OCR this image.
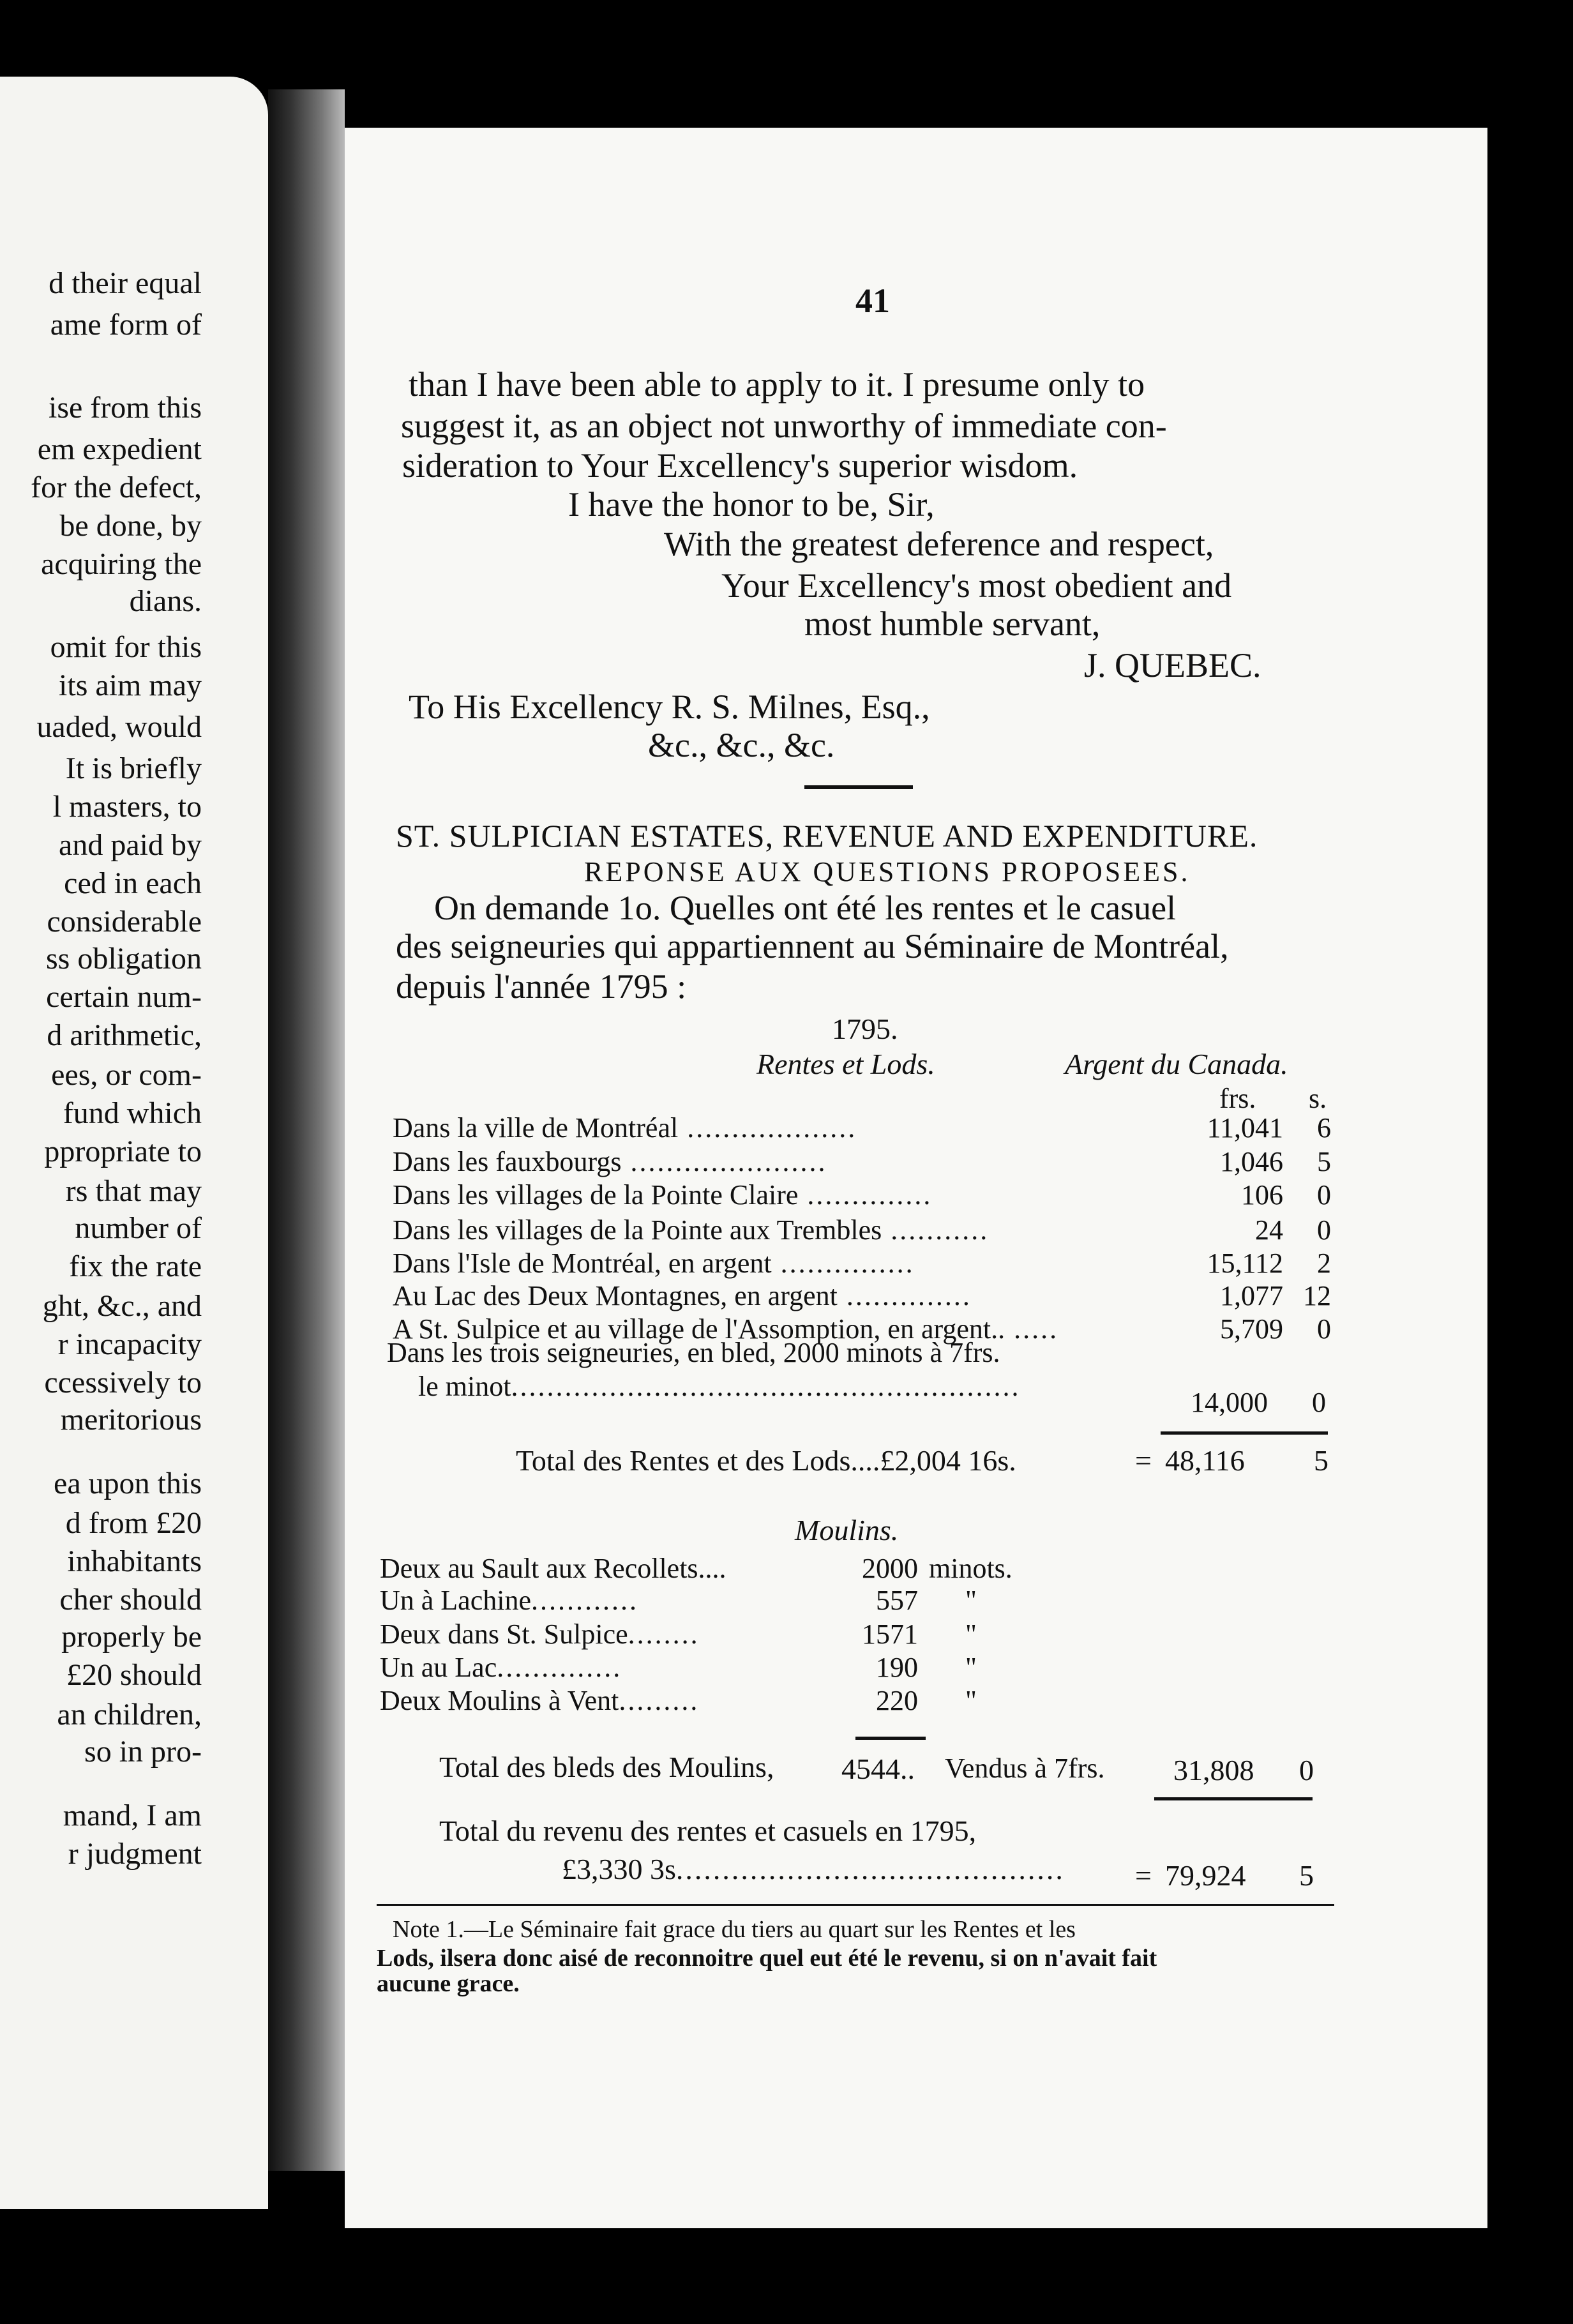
d their equal
ame form of
ise from this
em expedient
for the defect,
be done, by
acquiring the
dians.
omit for this
its aim may
uaded, would
It is briefly
l masters, to
and paid by
ced in each
considerable
ss obligation
certain num-
d arithmetic,
ees, or com-
fund which
ppropriate to
rs that may
number of
fix the rate
ght, &c., and
r incapacity
ccessively to
meritorious
ea upon this
d from £20
inhabitants
cher should
properly be
£20 should
an children,
so in pro-
mand, I am
r judgment
41
than I have been able to apply to it. I presume only to
suggest it, as an object not unworthy of immediate con-
sideration to Your Excellency's superior wisdom.
I have the honor to be, Sir,
With the greatest deference and respect,
Your Excellency's most obedient and
most humble servant,
J. QUEBEC.
To His Excellency R. S. Milnes, Esq.,
&c., &c., &c.
ST. SULPICIAN ESTATES, REVENUE AND EXPENDITURE.
REPONSE AUX QUESTIONS PROPOSEES.
On demande 1o. Quelles ont été les rentes et le casuel
des seigneuries qui appartiennent au Séminaire de Montréal,
depuis l'année 1795 :
1795.
Rentes et Lods.	Argent du Canada.
frs. s.
Dans la ville de Montréal ...................	11,041 6
Dans les fauxbourgs ......................	1,046 5
Dans les villages de la Pointe Claire ..............	106 0
Dans les villages de la Pointe aux Trembles ...........	24 0
Dans l'Isle de Montréal, en argent ...............	15,112 2
Au Lac des Deux Montagnes, en argent ..............	1,077 12
A St. Sulpice et au village de l'Assomption, en argent.. .....	5,709 0
Dans les trois seigneuries, en bled, 2000 minots à 7frs.
le minot.........................................................
14,000 0
Total des Rentes et des Lods....£2,004 16s.	= 48,116 5
Moulins.
Deux au Sault aux Recollets....	2000 minots.
Un à Lachine............	557 "
Deux dans St. Sulpice........	1571 "
Un au Lac..............	190 "
Deux Moulins à Vent.........	220 "
Total des bleds des Moulins, 4544.. Vendus à 7frs. 31,808 0
Total du revenu des rentes et casuels en 1795,
£3,330 3s.......................................... = 79,924 5
Note 1.—Le Séminaire fait grace du tiers au quart sur les Rentes et les
Lods, ilsera donc aisé de reconnoitre quel eut été le revenu, si on n'avait fait
aucune grace.
